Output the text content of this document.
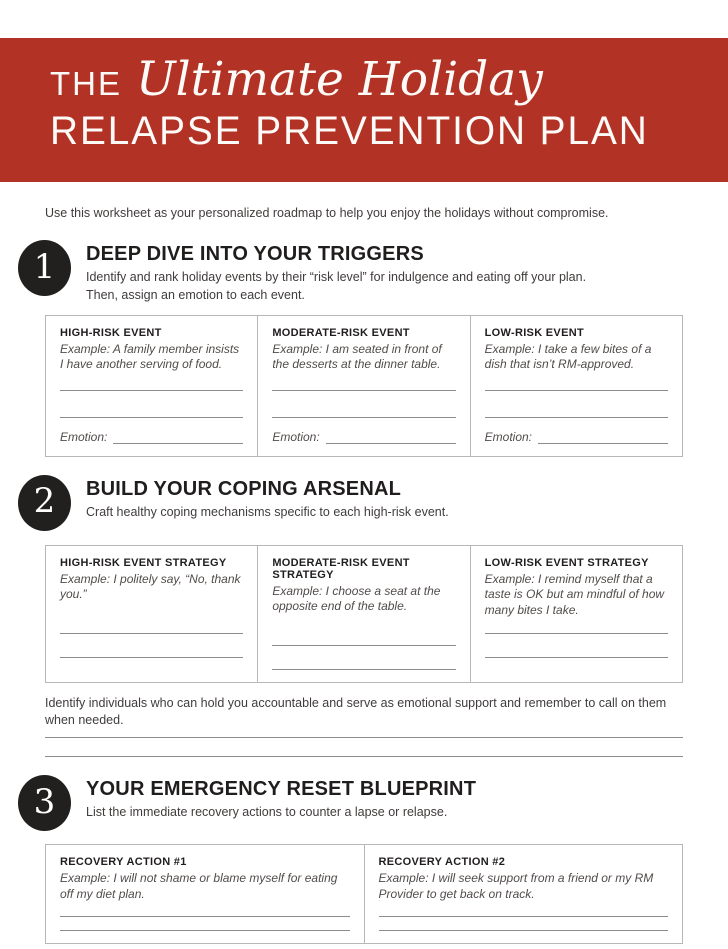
THE Ultimate Holiday
RELAPSE PREVENTION PLAN
Use this worksheet as your personalized roadmap to help you enjoy the holidays without compromise.
1 DEEP DIVE INTO YOUR TRIGGERS
Identify and rank holiday events by their “risk level” for indulgence and eating off your plan.
Then, assign an emotion to each event.
HIGH-RISK EVENT
Example: A family member insists I have another serving of food.
Emotion:
MODERATE-RISK EVENT
Example: I am seated in front of the desserts at the dinner table.
Emotion:
LOW-RISK EVENT
Example: I take a few bites of a dish that isn’t RM-approved.
Emotion:
2 BUILD YOUR COPING ARSENAL
Craft healthy coping mechanisms specific to each high-risk event.
HIGH-RISK EVENT STRATEGY
Example: I politely say, “No, thank you.”
MODERATE-RISK EVENT STRATEGY
Example: I choose a seat at the opposite end of the table.
LOW-RISK EVENT STRATEGY
Example: I remind myself that a taste is OK but am mindful of how many bites I take.
Identify individuals who can hold you accountable and serve as emotional support and remember to call on them when needed.
3 YOUR EMERGENCY RESET BLUEPRINT
List the immediate recovery actions to counter a lapse or relapse.
RECOVERY ACTION #1
Example: I will not shame or blame myself for eating off my diet plan.
RECOVERY ACTION #2
Example: I will seek support from a friend or my RM Provider to get back on track.
